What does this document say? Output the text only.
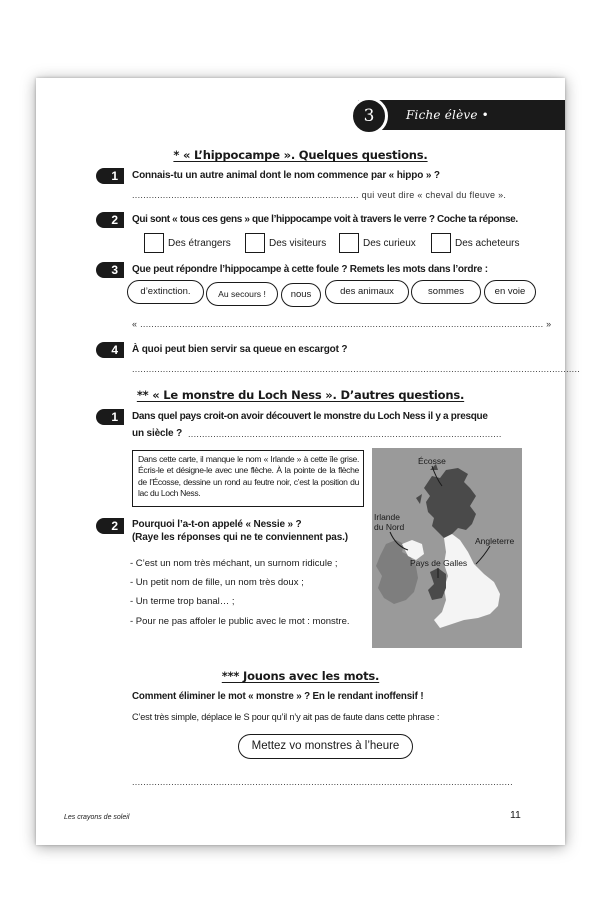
Fiche élève • Compréhension
3
* « L’hippocampe ». Quelques questions.
1	Connais-tu un autre animal dont le nom commence par « hippo » ?
................................................................................. qui veut dire « cheval du fleuve ».
2	Qui sont « tous ces gens » que l’hippocampe voit à travers le verre ? Coche ta réponse.
Des étrangers	Des visiteurs	Des curieux	Des acheteurs
3	Que peut répondre l’hippocampe à cette foule ? Remets les mots dans l’ordre :
d’extinction.	Au secours !	nous	des animaux	sommes	en voie
« ................................................................................................................................................ »
4	À quoi peut bien servir sa queue en escargot ?
................................................................................................................................................................
** « Le monstre du Loch Ness ». D’autres questions.
1	Dans quel pays croit-on avoir découvert le monstre du Loch Ness il y a presque
un siècle ? ................................................................................................................
Dans cette carte, il manque le nom « Irlande » à cette île grise. Écris-le et désigne-le avec une flèche. À la pointe de la flèche de l’Écosse, dessine un rond au feutre noir, c’est la position du lac du Loch Ness.
Écosse
Irlande
du Nord
Angleterre
Pays de Galles
2	Pourquoi l’a-t-on appelé « Nessie » ?
(Raye les réponses qui ne te conviennent pas.)
- C’est un nom très méchant, un surnom ridicule ;
- Un petit nom de fille, un nom très doux ;
- Un terme trop banal… ;
- Pour ne pas affoler le public avec le mot : monstre.
*** Jouons avec les mots.
Comment éliminer le mot « monstre » ? En le rendant inoffensif !
C’est très simple, déplace le S pour qu’il n’y ait pas de faute dans cette phrase :
Mettez vo monstres à l’heure
........................................................................................................................................
Les crayons de soleil	11
